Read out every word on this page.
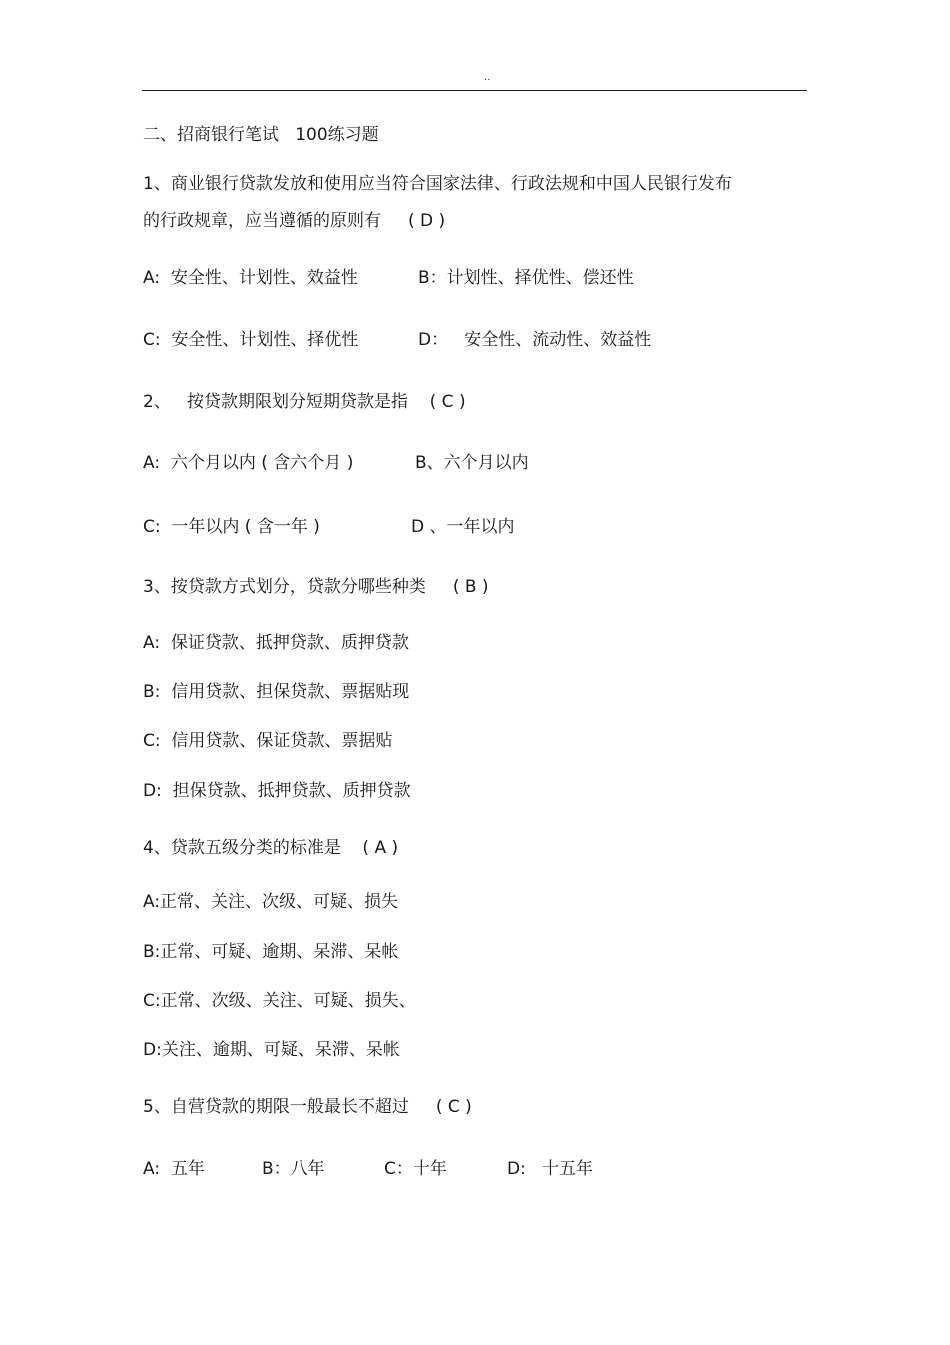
..
二、招商银行笔试   100练习题
1、商业银行贷款发放和使用应当符合国家法律、行政法规和中国人民银行发布
的行政规章，应当遵循的原则有     ( D )
A:  安全性、计划性、效益性	B：计划性、择优性、偿还性
C:  安全性、计划性、择优性	D：   安全性、流动性、效益性
2、   按贷款期限划分短期贷款是指    ( C )
A:  六个月以内 ( 含六个月 )	B、六个月以内
C:  一年以内 ( 含一年 )	D 、一年以内
3、按贷款方式划分，贷款分哪些种类     ( B )
A:  保证贷款、抵押贷款、质押贷款
B:  信用贷款、担保贷款、票据贴现
C:  信用贷款、保证贷款、票据贴
D:  担保贷款、抵押贷款、质押贷款
4、贷款五级分类的标准是    ( A )
A:正常、关注、次级、可疑、损失
B:正常、可疑、逾期、呆滞、呆帐
C:正常、次级、关注、可疑、损失、
D:关注、逾期、可疑、呆滞、呆帐
5、自营贷款的期限一般最长不超过     ( C )
A:  五年	B：八年	C：十年	D:   十五年
